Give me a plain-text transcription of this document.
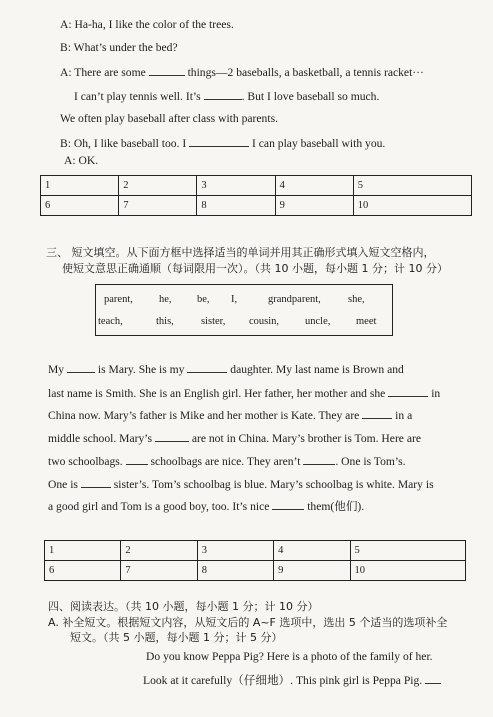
A: Ha-ha, I like the color of the trees.
B: What’s under the bed?
A: There are some	things—2 baseballs, a basketball, a tennis racket···
I can’t play tennis well. It’s	. But I love baseball so much.
We often play baseball after class with parents.
B: Oh, I like baseball too. I	I can play baseball with you.
A: OK.
1	2	3	4	5
6	7	8	9	10
三、 短文填空。从下面方框中选择适当的单词并用其正确形式填入短文空格内，
使短文意思正确通顺（每词限用一次）。（共 10 小题，每小题 1 分；计 10 分）
parent, he, be, I,	grandparent,	she,
teach,	this,	sister, cousin, uncle, meet
My	is Mary. She is my	daughter. My last name is Brown and
last name is Smith. She is an English girl. Her father, her mother and she	in
China now. Mary’s father is Mike and her mother is Kate. They are	in a
middle school. Mary’s	are not in China. Mary’s brother is Tom. Here are
two schoolbags. schoolbags are nice. They aren’t	. One is Tom’s.
One is	sister’s. Tom’s schoolbag is blue. Mary’s schoolbag is white. Mary is
a good girl and Tom is a good boy, too. It’s nice	them(他们).
1	2	3	4	5
6	7	8	9	10
四、阅读表达。（共 10 小题，每小题 1 分；计 10 分）
A. 补全短文。根据短文内容，从短文后的 A~F 选项中，选出 5 个适当的选项补全
短文。（共 5 小题，每小题 1 分；计 5 分）
Do you know Peppa Pig? Here is a photo of the family of her.
Look at it carefully（仔细地）. This pink girl is Peppa Pig.
